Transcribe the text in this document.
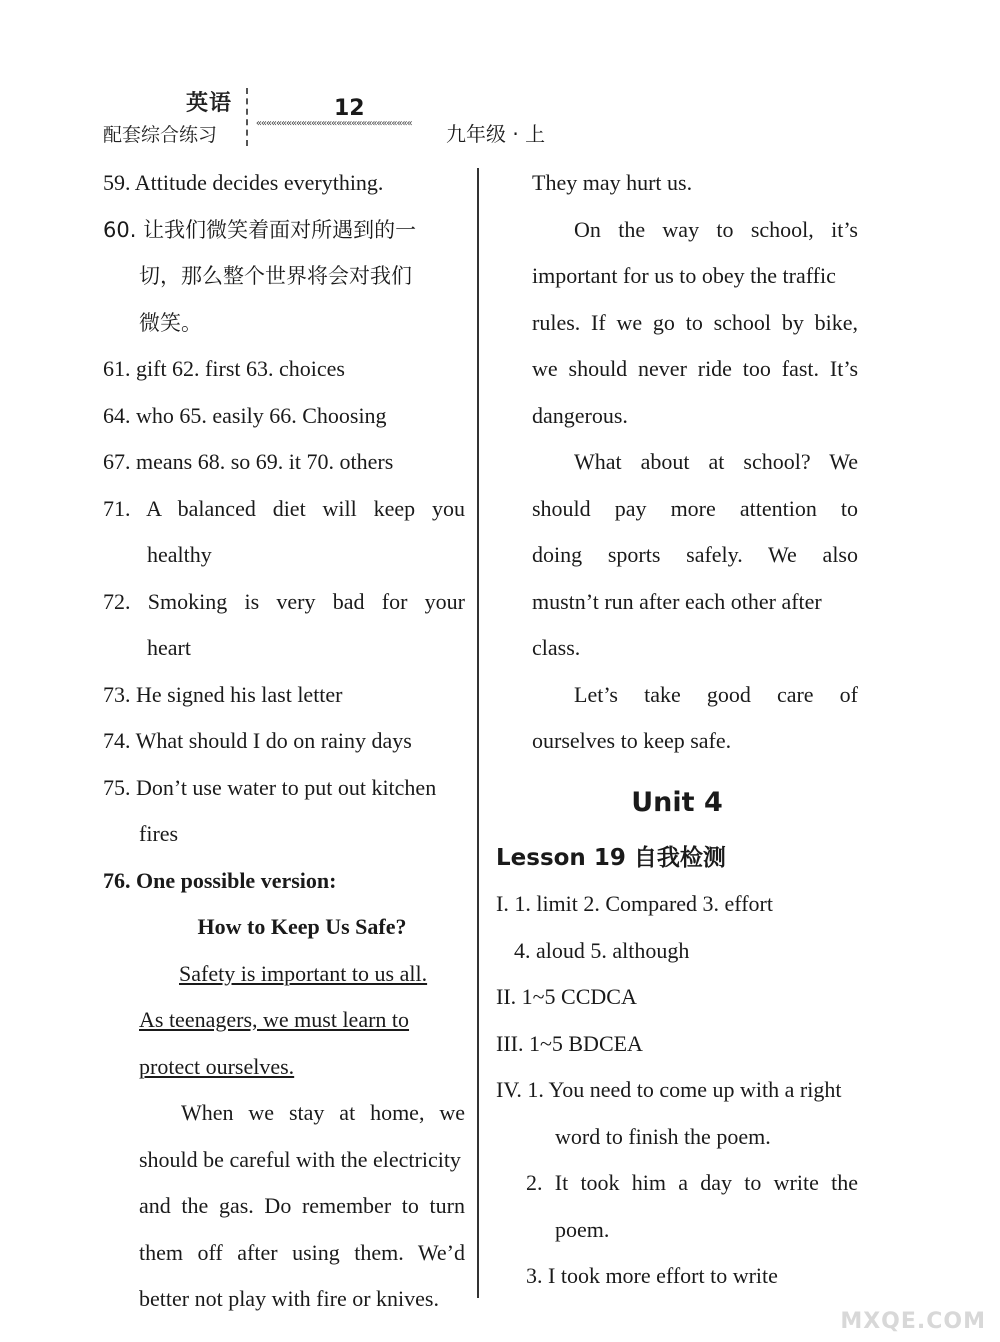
英语
配套综合练习
12
«««««««««««««««««««««««««««««««	九年级 · 上
59. Attitude decides everything.
60. 让我们微笑着面对所遇到的一
切，那么整个世界将会对我们
微笑。
61. gift 62. first 63. choices
64. who 65. easily 66. Choosing
67. means 68. so 69. it 70. others
71. A balanced diet will keep you
healthy
72. Smoking is very bad for your
heart
73. He signed his last letter
74. What should I do on rainy days
75. Don’t use water to put out kitchen
fires
76. One possible version:
How to Keep Us Safe?
Safety is important to us all.
As teenagers, we must learn to
protect ourselves.
When we stay at home, we
should be careful with the electricity
and the gas. Do remember to turn
them off after using them. We’d
better not play with fire or knives.
They may hurt us.
On the way to school, it’s
important for us to obey the traffic
rules. If we go to school by bike,
we should never ride too fast. It’s
dangerous.
What about at school? We
should pay more attention to
doing sports safely. We also
mustn’t run after each other after
class.
Let’s take good care of
ourselves to keep safe.
Unit 4
Lesson 19 自我检测
I. 1. limit 2. Compared 3. effort
4. aloud 5. although
II. 1~5 CCDCA
III. 1~5 BDCEA
IV. 1. You need to come up with a right
word to finish the poem.
2. It took him a day to write the
poem.
3. I took more effort to write
MXQE.COM
